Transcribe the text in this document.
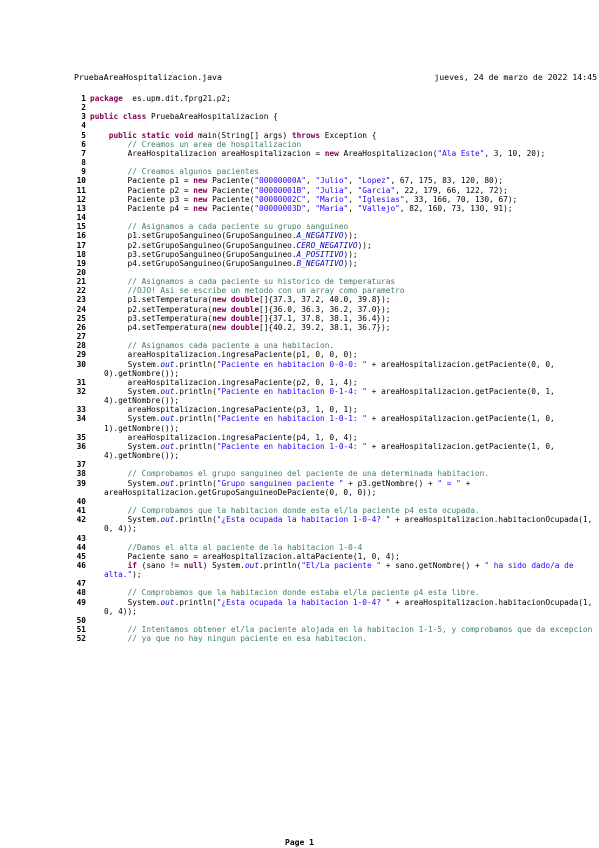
PruebaAreaHospitalizacion.java	jueves, 24 de marzo de 2022 14:45
1 package  es.upm.dit.fprg21.p2;
2

3 public class PruebaAreaHospitalizacion {
4

5	public static void main(String[] args) throws Exception {
6	// Creamos un area de hospitalizacion
7 AreaHospitalizacion areaHospitalizacion = new AreaHospitalizacion("Ala Este", 3, 10, 20);
8

9	// Creamos algunos pacientes
10 Paciente p1 = new Paciente("00000000A", "Julio", "Lopez", 67, 175, 83, 120, 80);
11 Paciente p2 = new Paciente("00000001B", "Julia", "Garcia", 22, 179, 66, 122, 72);
12 Paciente p3 = new Paciente("00000002C", "Mario", "Iglesias", 33, 166, 70, 130, 67);
13 Paciente p4 = new Paciente("00000003D", "Maria", "Vallejo", 82, 160, 73, 130, 91);
14

15	// Asignamos a cada paciente su grupo sanguineo
16 p1.setGrupoSanguineo(GrupoSanguineo.A_NEGATIVO));
17 p2.setGrupoSanguineo(GrupoSanguineo.CERO_NEGATIVO));
18 p3.setGrupoSanguineo(GrupoSanguineo.A_POSITIVO));
19 p4.setGrupoSanguineo(GrupoSanguineo.B_NEGATIVO));
20

21	// Asignamos a cada paciente su historico de temperaturas
22	//OJO! Asi se escribe un metodo con un array como parametro
23 p1.setTemperatura(new double[]{37.3, 37.2, 40.0, 39.8});
24 p2.setTemperatura(new double[]{36.0, 36.3, 36.2, 37.0});
25 p3.setTemperatura(new double[]{37.1, 37.8, 38.1, 36.4});
26 p4.setTemperatura(new double[]{40.2, 39.2, 38.1, 36.7});
27

28	// Asignamos cada paciente a una habitacion.
29 areaHospitalizacion.ingresaPaciente(p1, 0, 0, 0);
30 System.out.println("Paciente en habitacion 0-0-0: " + areaHospitalizacion.getPaciente(0, 0, 0).getNombre());
31 areaHospitalizacion.ingresaPaciente(p2, 0, 1, 4);
32 System.out.println("Paciente en habitacion 0-1-4: " + areaHospitalizacion.getPaciente(0, 1, 4).getNombre());
33 areaHospitalizacion.ingresaPaciente(p3, 1, 0, 1);
34 System.out.println("Paciente en habitacion 1-0-1: " + areaHospitalizacion.getPaciente(1, 0, 1).getNombre());
35 areaHospitalizacion.ingresaPaciente(p4, 1, 0, 4);
36 System.out.println("Paciente en habitacion 1-0-4: " + areaHospitalizacion.getPaciente(1, 0, 4).getNombre());
37

38	// Comprobamos el grupo sanguineo del paciente de una determinada habitacion.
39 System.out.println("Grupo sanguineo paciente " + p3.getNombre() + " = " + areaHospitalizacion.getGrupoSanguineoDePaciente(0, 0, 0));
40

41	// Comprobamos que la habitacion donde esta el/la paciente p4 esta ocupada.
42 System.out.println("¿Esta ocupada la habitacion 1-0-4? " + areaHospitalizacion.habitacionOcupada(1, 0, 4));
43

44	//Damos el alta al paciente de la habitacion 1-0-4
45 Paciente sano = areaHospitalizacion.altaPaciente(1, 0, 4);
46	if (sano != null) System.out.println("El/La paciente " + sano.getNombre() + " ha sido dado/a de alta.");
47

48	// Comprobamos que la habitacion donde estaba el/la paciente p4 esta libre.
49 System.out.println("¿Esta ocupada la habitacion 1-0-4? " + areaHospitalizacion.habitacionOcupada(1, 0, 4));
50

51	// Intentamos obtener el/la paciente alojada en la habitacion 1-1-5, y comprobamos que da excepcion
52	// ya que no hay ningun paciente en esa habitacion.
Page 1
